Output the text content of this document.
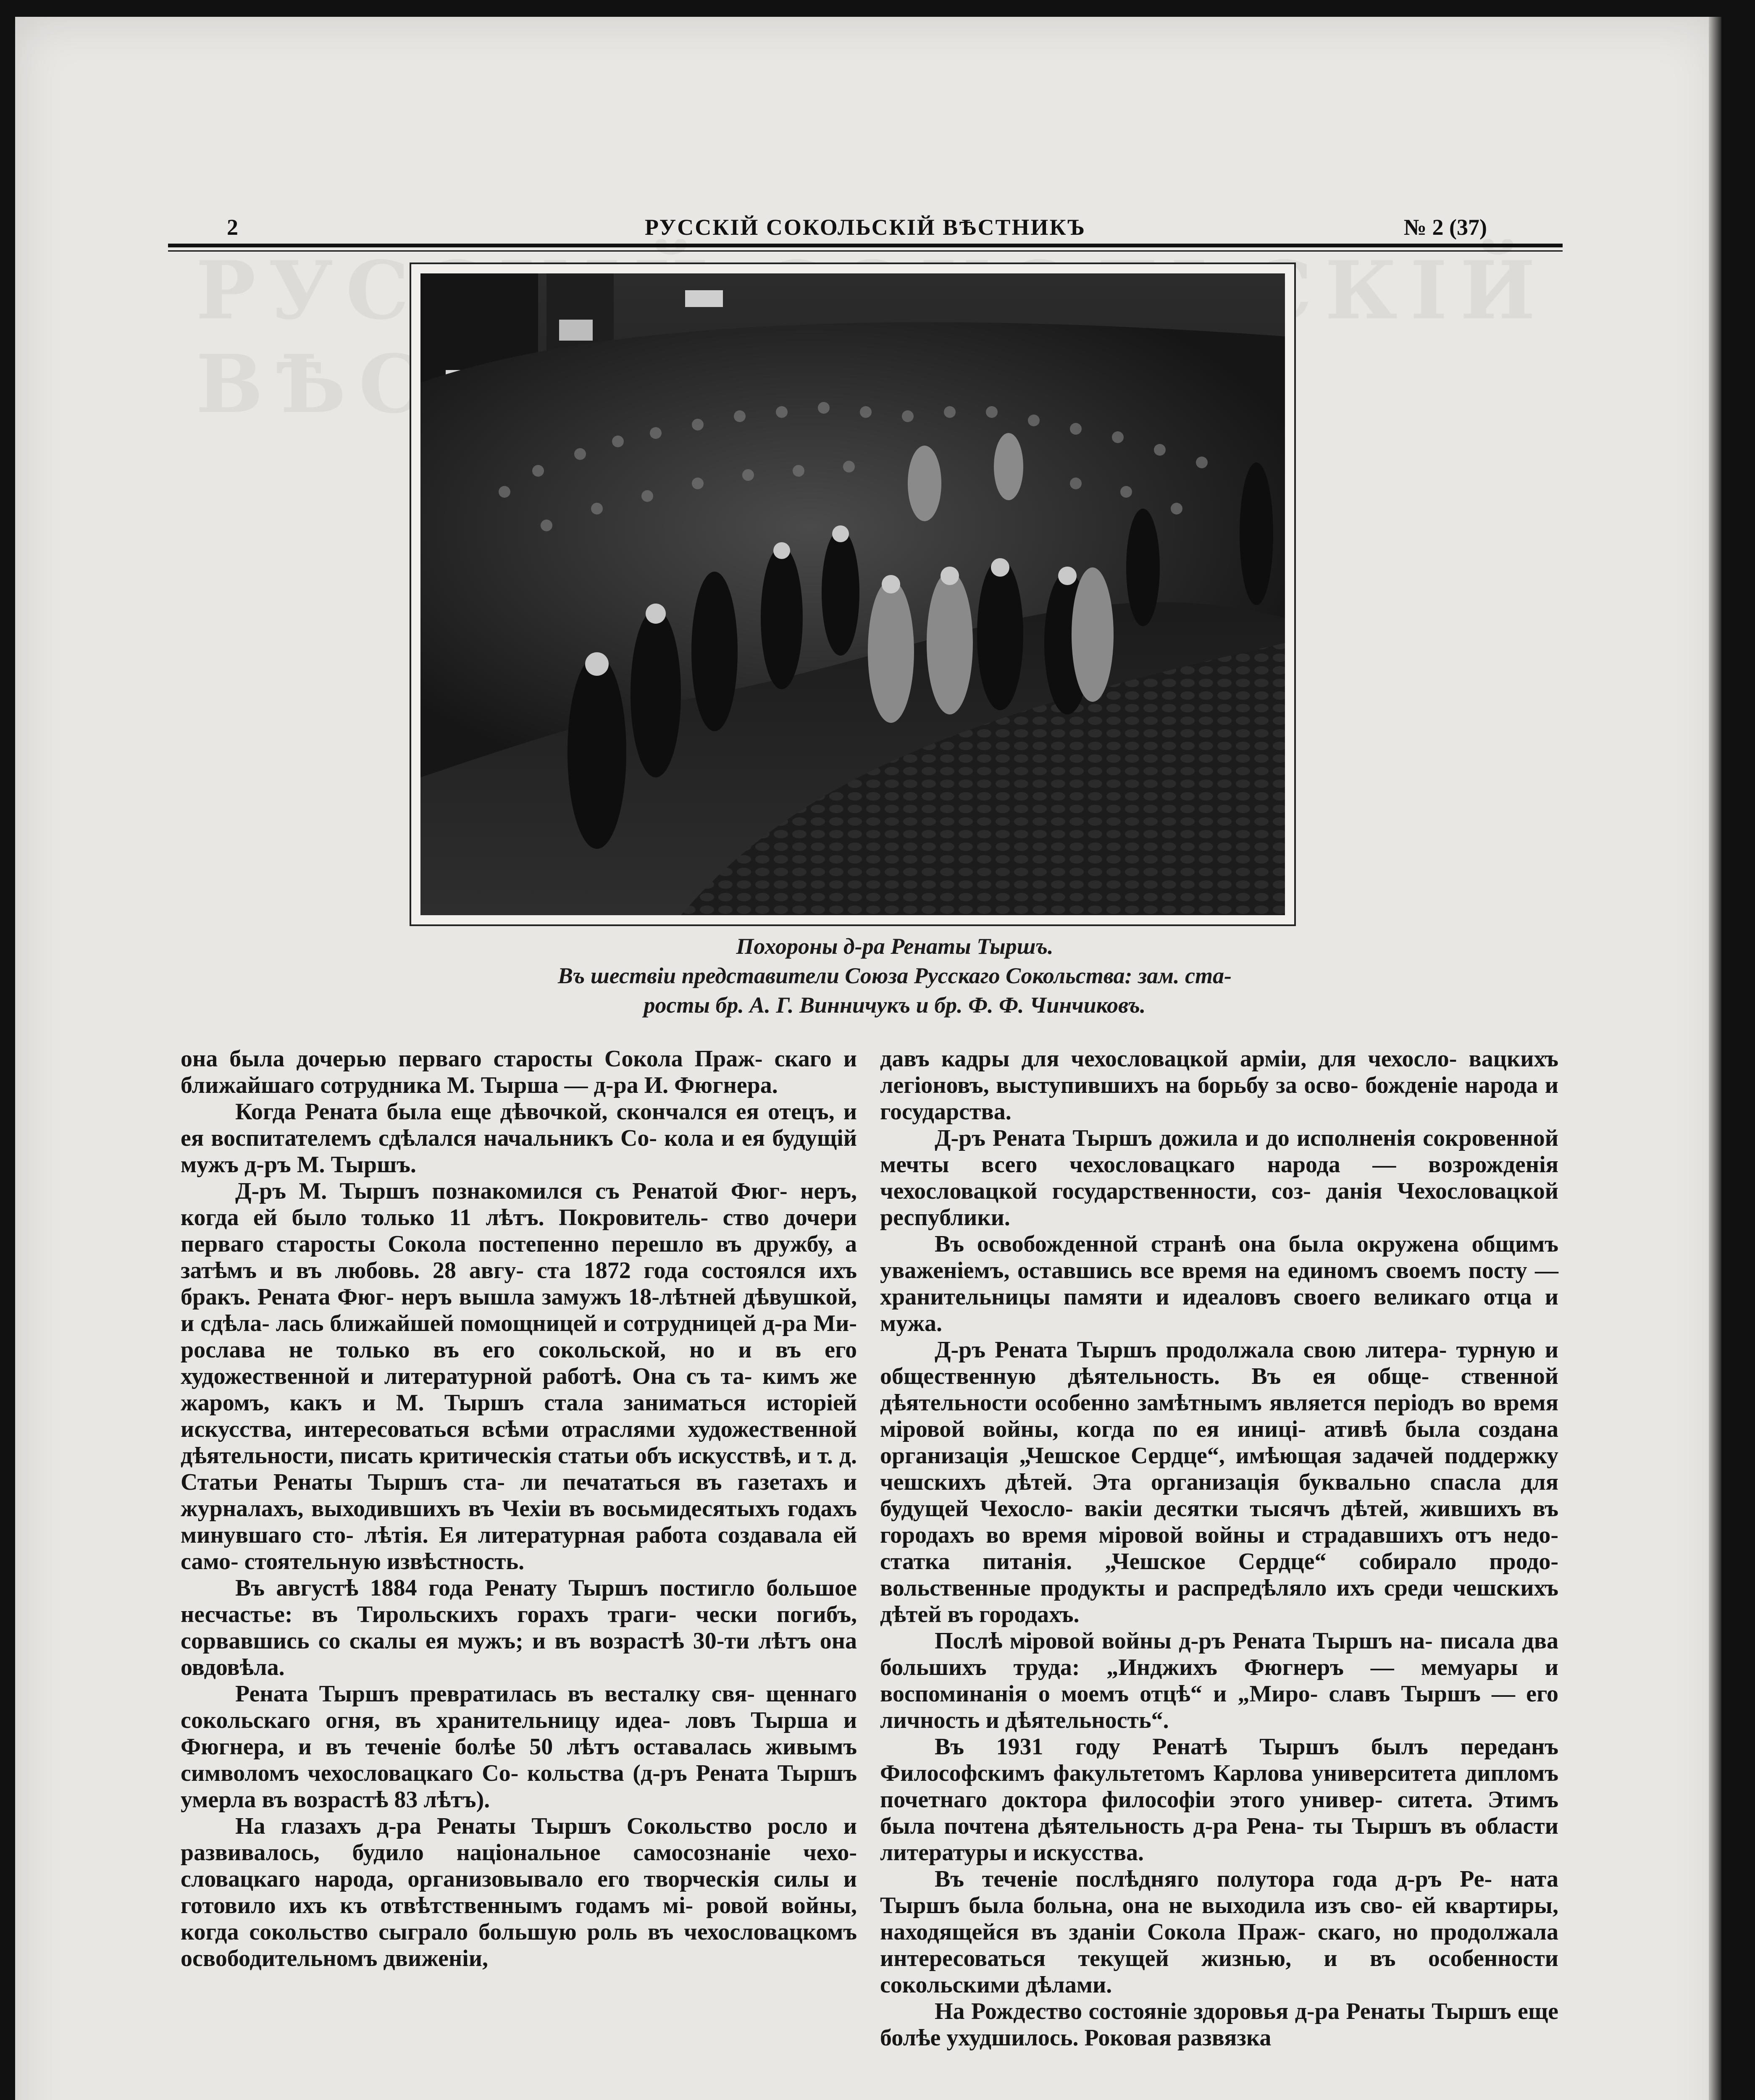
2	РУССКІЙ СОКОЛЬСКІЙ ВѢСТНИКЪ	№ 2 (37)
Похороны д-ра Ренаты Тыршъ.
Въ шествіи представители Союза Русскаго Сокольства: зам. ста-
росты бр. А. Г. Винничукъ и бр. Ф. Ф. Чинчиковъ.

она была дочерью перваго старосты Сокола Праж- скаго и ближайшаго сотрудника М. Тырша — д-ра И. Фюгнера.

Когда Рената была еще дѣвочкой, скончался ея отецъ, и ея воспитателемъ сдѣлался начальникъ Со- кола и ея будущій мужъ д-ръ М. Тыршъ.

Д-ръ М. Тыршъ познакомился съ Ренатой Фюг- неръ, когда ей было только 11 лѣтъ. Покровитель- ство дочери перваго старосты Сокола постепенно перешло въ дружбу, а затѣмъ и въ любовь. 28 авгу- ста 1872 года состоялся ихъ бракъ. Рената Фюг- неръ вышла замужъ 18-лѣтней дѣвушкой, и сдѣла- лась ближайшей помощницей и сотрудницей д-ра Ми- рослава не только въ его сокольской, но и въ его художественной и литературной работѣ. Она съ та- кимъ же жаромъ, какъ и М. Тыршъ стала заниматься исторіей искусства, интересоваться всѣми отраслями художественной дѣятельности, писать критическія статьи объ искусствѣ, и т. д. Статьи Ренаты Тыршъ ста- ли печататься въ газетахъ и журналахъ, выходившихъ въ Чехіи въ восьмидесятыхъ годахъ минувшаго сто- лѣтія. Ея литературная работа создавала ей само- стоятельную извѣстность.

Въ августѣ 1884 года Ренату Тыршъ постигло большое несчастье: въ Тирольскихъ горахъ траги- чески погибъ, сорвавшись со скалы ея мужъ; и въ возрастѣ 30-ти лѣтъ она овдовѣла.

Рената Тыршъ превратилась въ весталку свя- щеннаго сокольскаго огня, въ хранительницу идеа- ловъ Тырша и Фюгнера, и въ теченіе болѣе 50 лѣтъ оставалась живымъ символомъ чехословацкаго Со- кольства (д-ръ Рената Тыршъ умерла въ возрастѣ 83 лѣтъ).

На глазахъ д-ра Ренаты Тыршъ Сокольство росло и развивалось, будило національное самосознаніе чехо- словацкаго народа, организовывало его творческія силы и готовило ихъ къ отвѣтственнымъ годамъ мі- ровой войны, когда сокольство сыграло большую роль въ чехословацкомъ освободительномъ движеніи,

давъ кадры для чехословацкой арміи, для чехосло- вацкихъ легіоновъ, выступившихъ на борьбу за осво- божденіе народа и государства.

Д-ръ Рената Тыршъ дожила и до исполненія сокровенной мечты всего чехословацкаго народа — возрожденія чехословацкой государственности, соз- данія Чехословацкой республики.

Въ освобожденной странѣ она была окружена общимъ уваженіемъ, оставшись все время на единомъ своемъ посту — хранительницы памяти и идеаловъ своего великаго отца и мужа.

Д-ръ Рената Тыршъ продолжала свою литера- турную и общественную дѣятельность. Въ ея обще- ственной дѣятельности особенно замѣтнымъ является періодъ во время міровой войны, когда по ея иниці- ативѣ была создана организація „Чешское Сердце“, имѣющая задачей поддержку чешскихъ дѣтей. Эта организація буквально спасла для будущей Чехосло- вакіи десятки тысячъ дѣтей, жившихъ въ городахъ во время міровой войны и страдавшихъ отъ недо- статка питанія. „Чешское Сердце“ собирало продо- вольственные продукты и распредѣляло ихъ среди чешскихъ дѣтей въ городахъ.

Послѣ міровой войны д-ръ Рената Тыршъ на- писала два большихъ труда: „Инджихъ Фюгнеръ — мемуары и воспоминанія о моемъ отцѣ“ и „Миро- славъ Тыршъ — его личность и дѣятельность“.

Въ 1931 году Ренатѣ Тыршъ былъ переданъ Философскимъ факультетомъ Карлова университета дипломъ почетнаго доктора философіи этого универ- ситета. Этимъ была почтена дѣятельность д-ра Рена- ты Тыршъ въ области литературы и искусства.

Въ теченіе послѣдняго полутора года д-ръ Ре- ната Тыршъ была больна, она не выходила изъ сво- ей квартиры, находящейся въ зданіи Сокола Праж- скаго, но продолжала интересоваться текущей жизнью, и въ особенности сокольскими дѣлами.

На Рождество состояніе здоровья д-ра Ренаты Тыршъ еще болѣе ухудшилось. Роковая развязка
